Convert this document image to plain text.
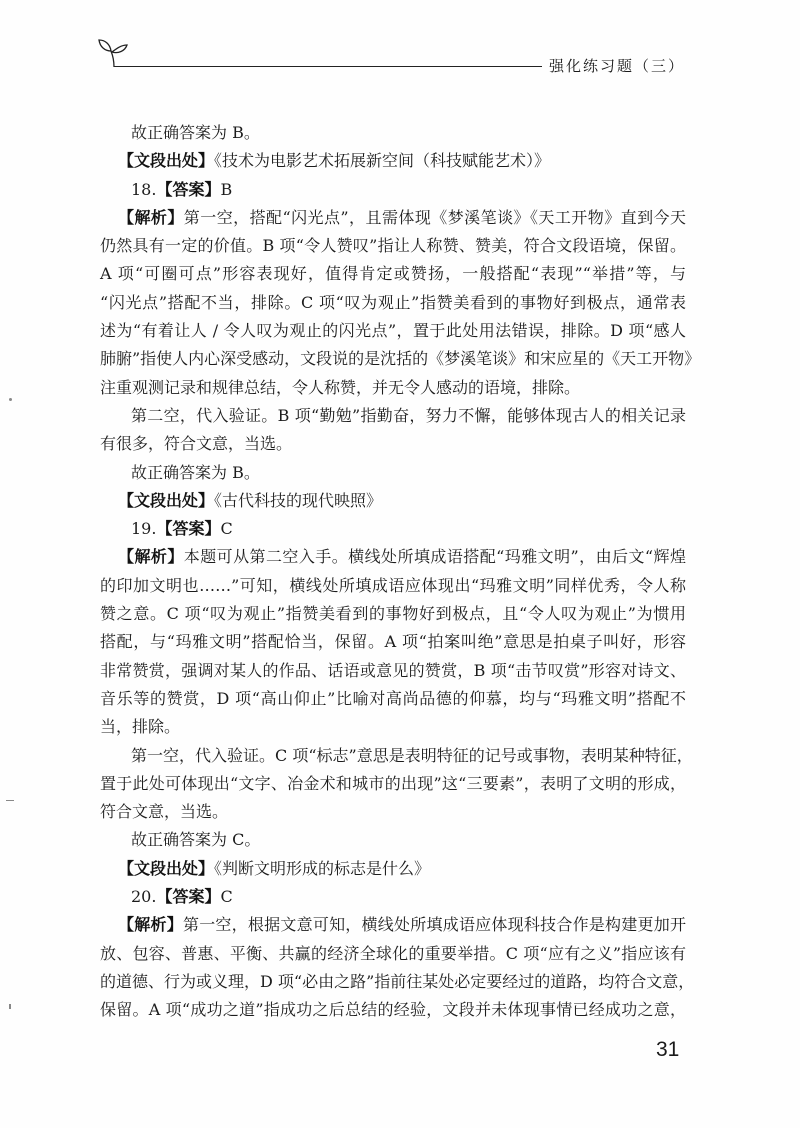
强化练习题（三）
故正确答案为 B。
【文段出处】《技术为电影艺术拓展新空间（科技赋能艺术）》
18.【答案】B
【解析】第一空，搭配“闪光点”，且需体现《梦溪笔谈》《天工开物》直到今天
仍然具有一定的价值。B 项“令人赞叹”指让人称赞、赞美，符合文段语境，保留。
A 项“可圈可点”形容表现好，值得肯定或赞扬，一般搭配“表现”“举措”等，与
“闪光点”搭配不当，排除。C 项“叹为观止”指赞美看到的事物好到极点，通常表
述为“有着让人 / 令人叹为观止的闪光点”，置于此处用法错误，排除。D 项“感人
肺腑”指使人内心深受感动，文段说的是沈括的《梦溪笔谈》和宋应星的《天工开物》
注重观测记录和规律总结，令人称赞，并无令人感动的语境，排除。
第二空，代入验证。B 项“勤勉”指勤奋，努力不懈，能够体现古人的相关记录
有很多，符合文意，当选。
故正确答案为 B。
【文段出处】《古代科技的现代映照》
19.【答案】C
【解析】本题可从第二空入手。横线处所填成语搭配“玛雅文明”，由后文“辉煌
的印加文明也……”可知，横线处所填成语应体现出“玛雅文明”同样优秀，令人称
赞之意。C 项“叹为观止”指赞美看到的事物好到极点，且“令人叹为观止”为惯用
搭配，与“玛雅文明”搭配恰当，保留。A 项“拍案叫绝”意思是拍桌子叫好，形容
非常赞赏，强调对某人的作品、话语或意见的赞赏，B 项“击节叹赏”形容对诗文、
音乐等的赞赏，D 项“高山仰止”比喻对高尚品德的仰慕，均与“玛雅文明”搭配不
当，排除。
第一空，代入验证。C 项“标志”意思是表明特征的记号或事物，表明某种特征，
置于此处可体现出“文字、冶金术和城市的出现”这“三要素”，表明了文明的形成，
符合文意，当选。
故正确答案为 C。
【文段出处】《判断文明形成的标志是什么》
20.【答案】C
【解析】第一空，根据文意可知，横线处所填成语应体现科技合作是构建更加开
放、包容、普惠、平衡、共赢的经济全球化的重要举措。C 项“应有之义”指应该有
的道德、行为或义理，D 项“必由之路”指前往某处必定要经过的道路，均符合文意，
保留。A 项“成功之道”指成功之后总结的经验，文段并未体现事情已经成功之意，
31
